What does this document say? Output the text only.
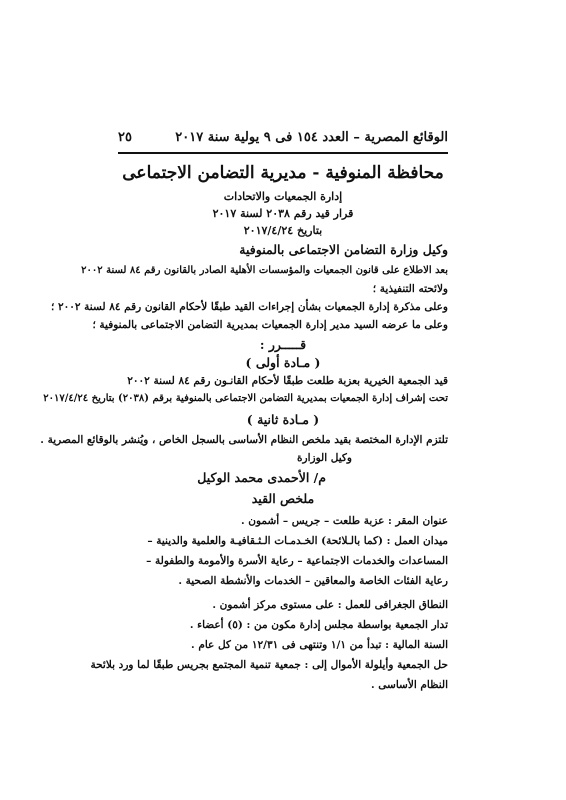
الوقائع المصرية – العدد ١٥٤ فى ٩ يولية سنة ٢٠١٧
٢٥
محافظة المنوفية - مديرية التضامن الاجتماعى
إدارة الجمعيات والاتحادات
قرار قيد رقم ٢٠٣٨ لسنة ٢٠١٧
بتاريخ ٢٠١٧/٤/٢٤
وكيل وزارة التضامن الاجتماعى بالمنوفية
بعد الاطلاع على قانون الجمعيات والمؤسسات الأهلية الصادر بالقانون رقم ٨٤ لسنة ٢٠٠٢
ولائحته التنفيذية ؛
وعلى مذكرة إدارة الجمعيات بشأن إجراءات القيد طبقًا لأحكام القانون رقم ٨٤ لسنة ٢٠٠٢ ؛
وعلى ما عرضه السيد مدير إدارة الجمعيات بمديرية التضامن الاجتماعى بالمنوفية ؛
قـــــرر :
( مـادة أولى )
قيد الجمعية الخيرية بعزبة طلعت طبقًا لأحكام القانـون رقم ٨٤ لسنة ٢٠٠٢
تحت إشراف إدارة الجمعيات بمديرية التضامن الاجتماعى بالمنوفية برقم (٢٠٣٨) بتاريخ ٢٠١٧/٤/٢٤
( مـادة ثانية )
تلتزم الإدارة المختصة بقيد ملخص النظام الأساسى بالسجل الخاص ، ويُنشر بالوقائع المصرية .
وكيل الوزارة
م/ الأحمدى محمد الوكيل
ملخص القيد
عنوان المقر : عزبة طلعت – جريس – أشمون .
ميدان العمل : (كما بالـلائحة) الخـدمـات الـثـقافيـة والعلمية والدينية –
المساعدات والخدمات الاجتماعية – رعاية الأسرة والأمومة والطفولة –
رعاية الفئات الخاصة والمعاقين – الخدمات والأنشطة الصحية .
النطاق الجغرافى للعمل : على مستوى مركز أشمون .
تدار الجمعية بواسطة مجلس إدارة مكون من : (٥) أعضاء .
السنة المالية : تبدأ من ١/١ وتنتهى فى ١٢/٣١ من كل عام .
حل الجمعية وأيلولة الأموال إلى : جمعية تنمية المجتمع بجريس طبقًا لما ورد بلائحة
النظام الأساسى .
